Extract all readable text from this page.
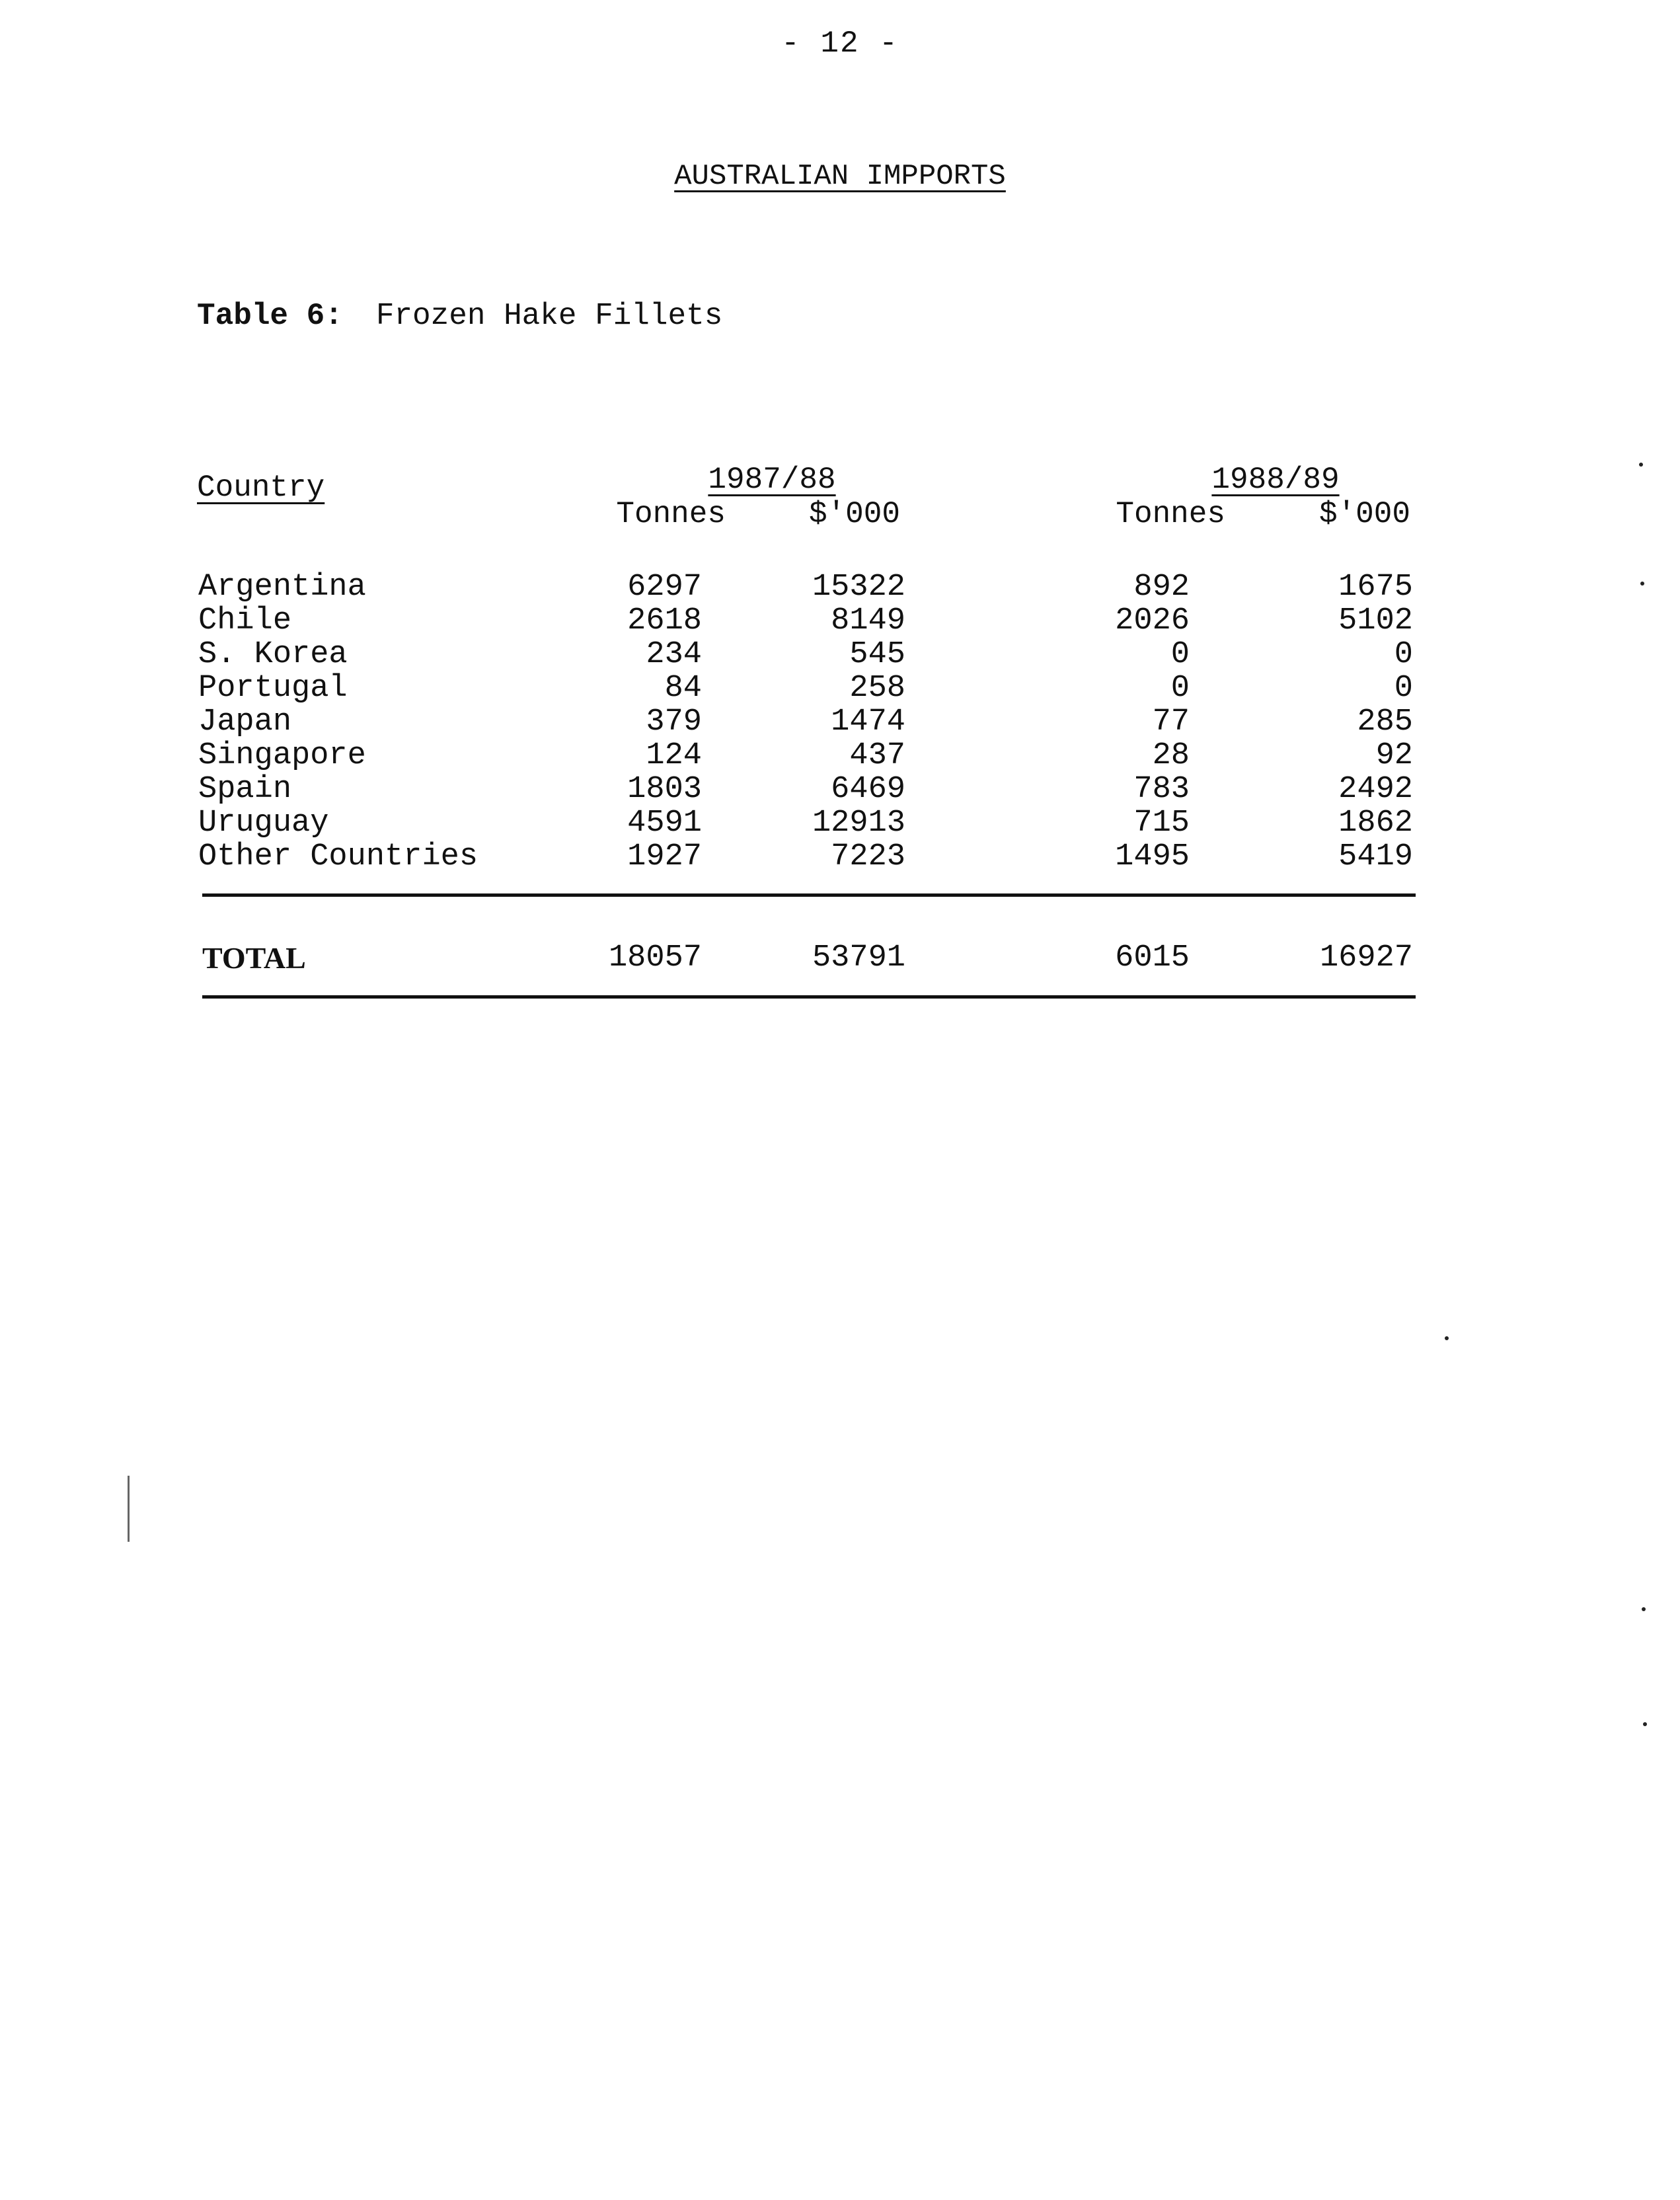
- 12 -
AUSTRALIAN IMPPORTS
Table 6: Frozen Hake Fillets
Country	1987/88	1988/89
Tonnes	$'000	Tonnes	$'000
Argentina	6297	15322	892	1675
Chile	2618	8149	2026	5102
S. Korea	234	545	0	0
Portugal	84	258	0	0
Japan	379	1474	77	285
Singapore	124	437	28	92
Spain	1803	6469	783	2492
Uruguay	4591	12913	715	1862
Other Countries	1927	7223	1495	5419
TOTAL	18057	53791	6015	16927
